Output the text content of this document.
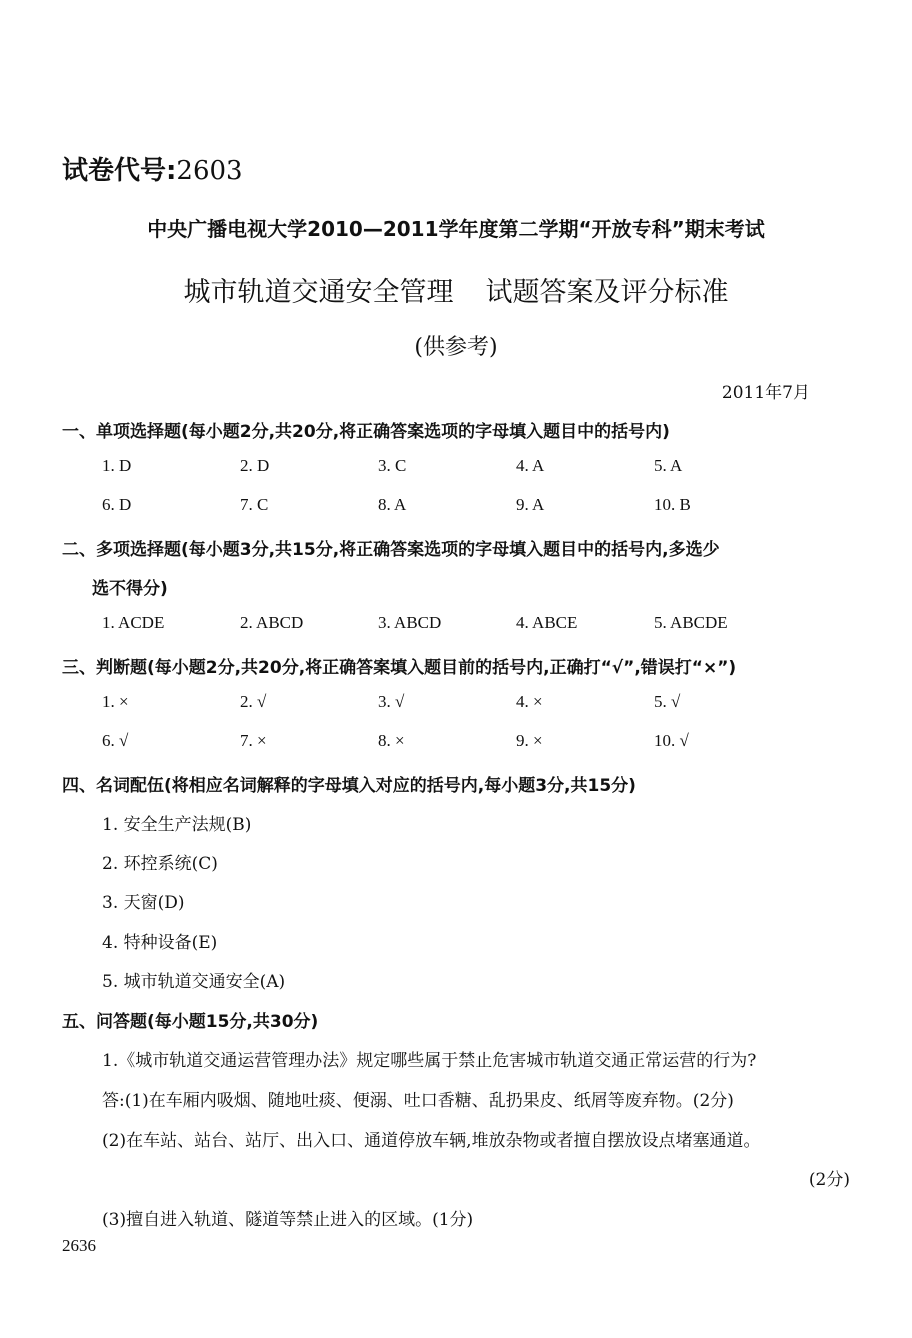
试卷代号:2603
中央广播电视大学2010—2011学年度第二学期“开放专科”期末考试
城市轨道交通安全管理 试题答案及评分标准
(供参考)
2011年7月
一、单项选择题(每小题2分,共20分,将正确答案选项的字母填入题目中的括号内)
1. D	2. D	3. C	4. A	5. A
6. D	7. C	8. A	9. A	10. B
二、多项选择题(每小题3分,共15分,将正确答案选项的字母填入题目中的括号内,多选少
选不得分)
1. ACDE	2. ABCD	3. ABCD	4. ABCE	5. ABCDE
三、判断题(每小题2分,共20分,将正确答案填入题目前的括号内,正确打“√”,错误打“×”)
1. ×	2. √	3. √	4. ×	5. √
6. √	7. ×	8. ×	9. ×	10. √
四、名词配伍(将相应名词解释的字母填入对应的括号内,每小题3分,共15分)
1. 安全生产法规(B)
2. 环控系统(C)
3. 天窗(D)
4. 特种设备(E)
5. 城市轨道交通安全(A)
五、问答题(每小题15分,共30分)
1.《城市轨道交通运营管理办法》规定哪些属于禁止危害城市轨道交通正常运营的行为?
答:(1)在车厢内吸烟、随地吐痰、便溺、吐口香糖、乱扔果皮、纸屑等废弃物。(2分)
(2)在车站、站台、站厅、出入口、通道停放车辆,堆放杂物或者擅自摆放设点堵塞通道。
(2分)
(3)擅自进入轨道、隧道等禁止进入的区域。(1分)
2636
